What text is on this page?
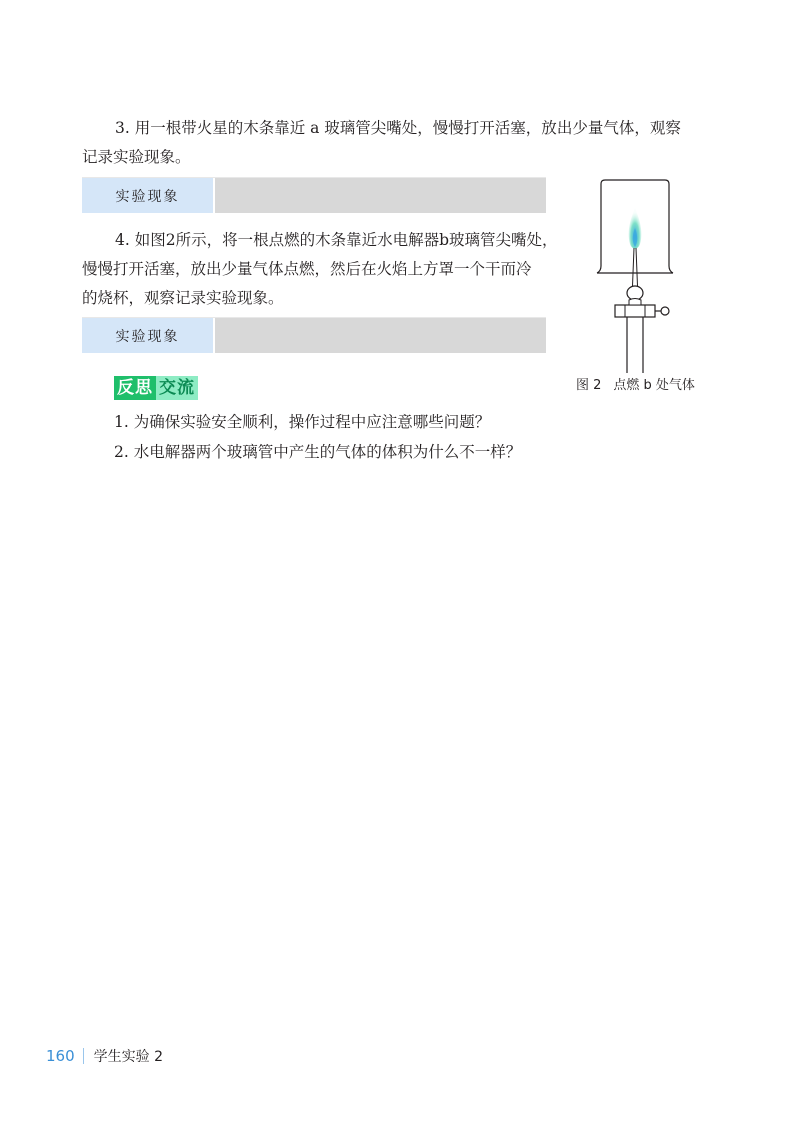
3. 用一根带火星的木条靠近 a 玻璃管尖嘴处，慢慢打开活塞，放出少量气体，观察
记录实验现象。

实验现象

4. 如图2所示，将一根点燃的木条靠近水电解器b玻璃管尖嘴处，
慢慢打开活塞，放出少量气体点燃，然后在火焰上方罩一个干而冷
的烧杯，观察记录实验现象。

实验现象
图 2 点燃 b 处气体
反思 交流
1. 为确保实验安全顺利，操作过程中应注意哪些问题？
2. 水电解器两个玻璃管中产生的气体的体积为什么不一样？
160 学生实验 2
